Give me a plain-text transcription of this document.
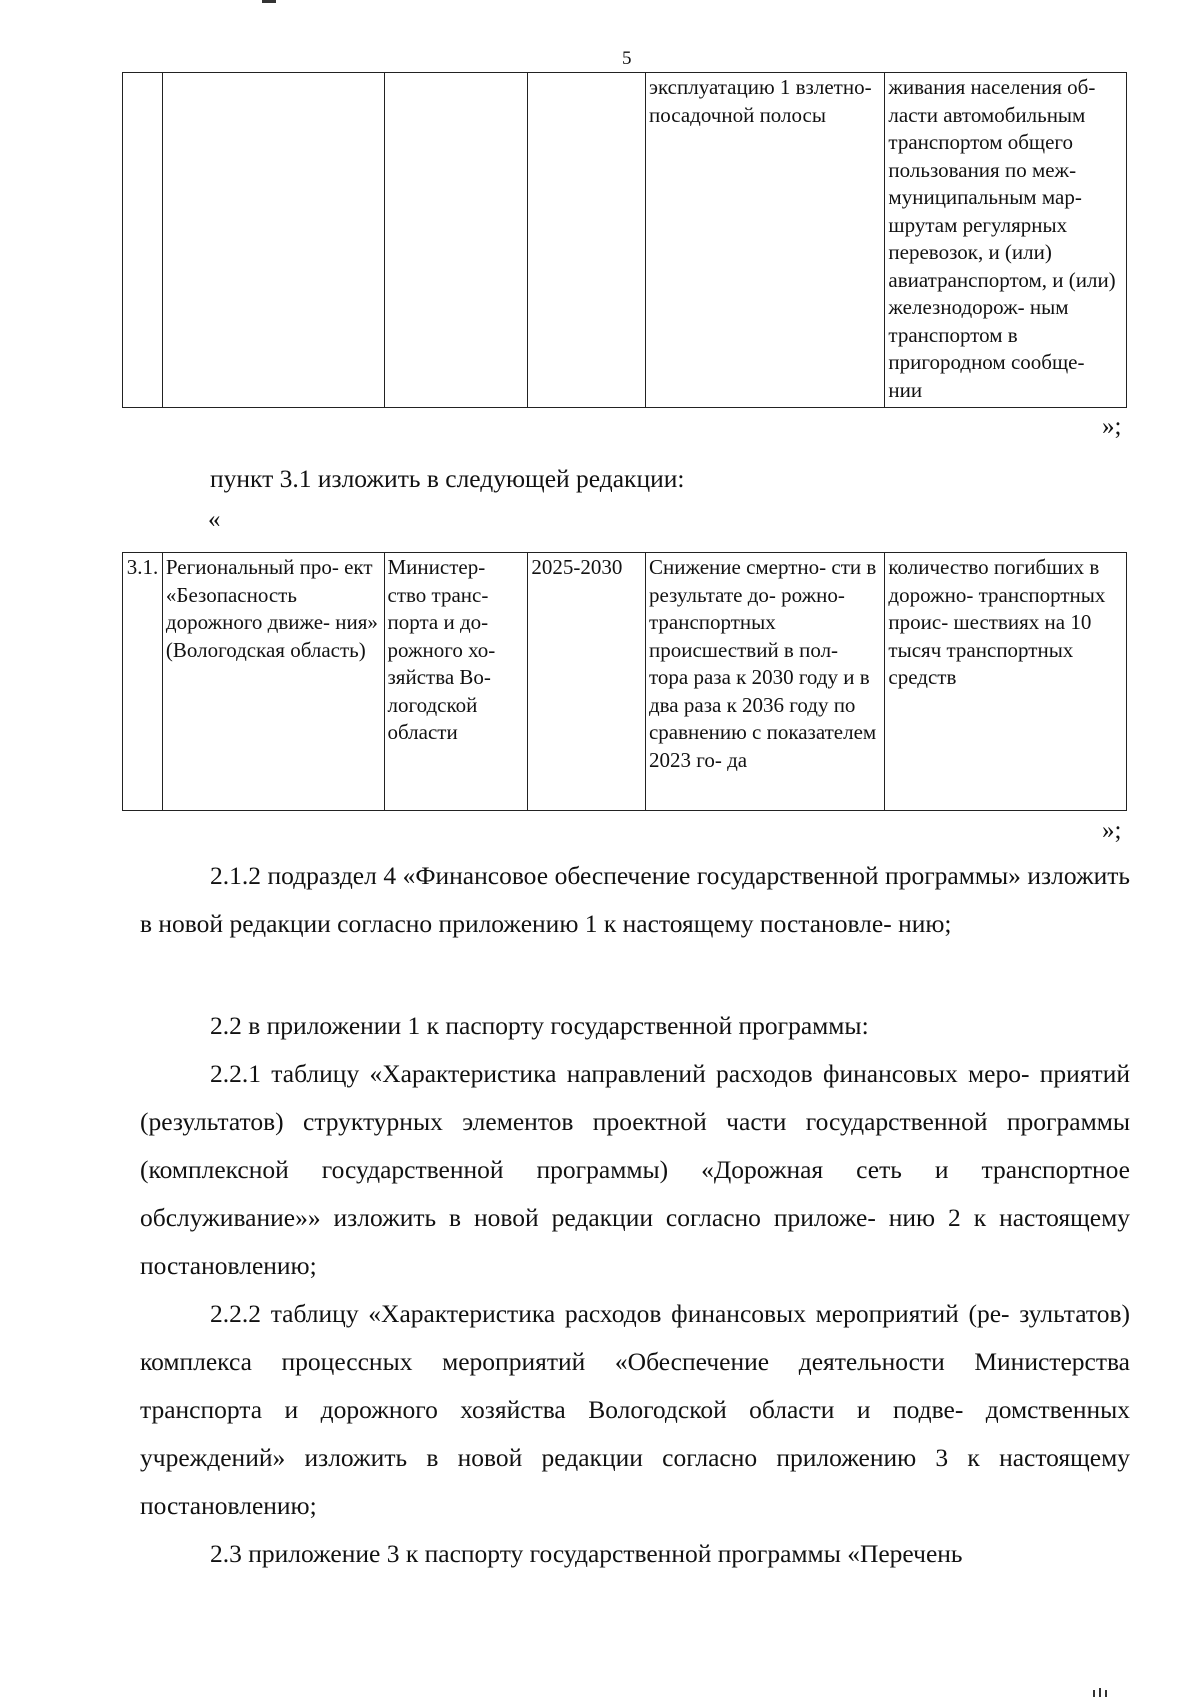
5
				эксплуатацию 1 взлетно-посадочной полосы	живания населения об- ласти автомобильным транспортом общего пользования по меж- муниципальным мар- шрутам регулярных перевозок, и (или) авиатранспортом, и (или) железнодорож- ным транспортом в пригородном сообще- нии
»;

пункт 3.1 изложить в следующей редакции:

«
3.1.	Региональный про- ект «Безопасность дорожного движе- ния» (Вологодская область)	Министер- ство транс- порта и до- рожного хо- зяйства Во- логодской области	2025-2030	Снижение смертно- сти в результате до- рожно-транспортных происшествий в пол- тора раза к 2030 году и в два раза к 2036 году по сравнению с показателем 2023 го- да	количество погибших в дорожно- транспортных проис- шествиях на 10 тысяч транспортных средств
»;

2.1.2 подраздел 4 «Финансовое обеспечение государственной программы» изложить в новой редакции согласно приложению 1 к настоящему постановле- нию;

2.2 в приложении 1 к паспорту государственной программы:

2.2.1 таблицу «Характеристика направлений расходов финансовых меро- приятий (результатов) структурных элементов проектной части государственной программы (комплексной государственной программы) «Дорожная сеть и транспортное обслуживание»» изложить в новой редакции согласно приложе- нию 2 к настоящему постановлению;

2.2.2 таблицу «Характеристика расходов финансовых мероприятий (ре- зультатов) комплекса процессных мероприятий «Обеспечение деятельности Министерства транспорта и дорожного хозяйства Вологодской области и подве- домственных учреждений» изложить в новой редакции согласно приложению 3 к настоящему постановлению;

2.3 приложение 3 к паспорту государственной программы «Перечень
